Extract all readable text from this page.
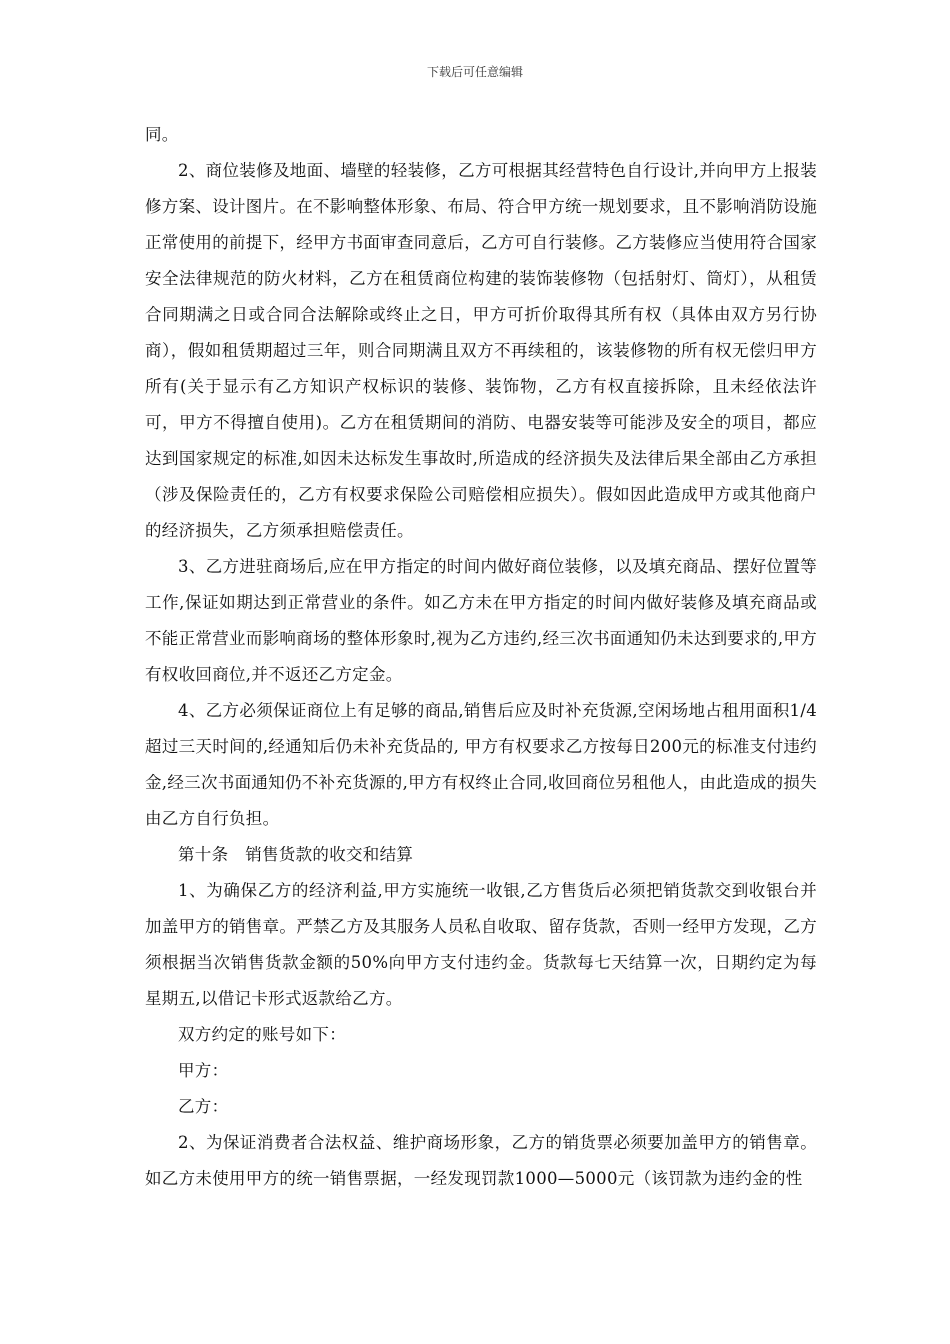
下载后可任意编辑

同。

2、商位装修及地面、墙壁的轻装修，乙方可根据其经营特色自行设计,并向甲方上报装修方案、设计图片。在不影响整体形象、布局、符合甲方统一规划要求，且不影响消防设施正常使用的前提下，经甲方书面审查同意后，乙方可自行装修。乙方装修应当使用符合国家安全法律规范的防火材料，乙方在租赁商位构建的装饰装修物（包括射灯、筒灯），从租赁合同期满之日或合同合法解除或终止之日，甲方可折价取得其所有权（具体由双方另行协商），假如租赁期超过三年，则合同期满且双方不再续租的，该装修物的所有权无偿归甲方所有(关于显示有乙方知识产权标识的装修、装饰物，乙方有权直接拆除，且未经依法许可，甲方不得擅自使用)。乙方在租赁期间的消防、电器安装等可能涉及安全的项目，都应达到国家规定的标准,如因未达标发生事故时,所造成的经济损失及法律后果全部由乙方承担（涉及保险责任的，乙方有权要求保险公司赔偿相应损失）。假如因此造成甲方或其他商户的经济损失，乙方须承担赔偿责任。

3、乙方进驻商场后,应在甲方指定的时间内做好商位装修，以及填充商品、摆好位置等工作,保证如期达到正常营业的条件。如乙方未在甲方指定的时间内做好装修及填充商品或不能正常营业而影响商场的整体形象时,视为乙方违约,经三次书面通知仍未达到要求的,甲方有权收回商位,并不返还乙方定金。

4、乙方必须保证商位上有足够的商品,销售后应及时补充货源,空闲场地占租用面积1/4超过三天时间的,经通知后仍未补充货品的, 甲方有权要求乙方按每日200元的标准支付违约金,经三次书面通知仍不补充货源的,甲方有权终止合同,收回商位另租他人，由此造成的损失由乙方自行负担。

第十条　销售货款的收交和结算

1、为确保乙方的经济利益,甲方实施统一收银,乙方售货后必须把销货款交到收银台并加盖甲方的销售章。严禁乙方及其服务人员私自收取、留存货款，否则一经甲方发现，乙方须根据当次销售货款金额的50%向甲方支付违约金。货款每七天结算一次，日期约定为每星期五,以借记卡形式返款给乙方。

双方约定的账号如下：

甲方：

乙方：

2、为保证消费者合法权益、维护商场形象，乙方的销货票必须要加盖甲方的销售章。如乙方未使用甲方的统一销售票据，一经发现罚款1000—5000元（该罚款为违约金的性
